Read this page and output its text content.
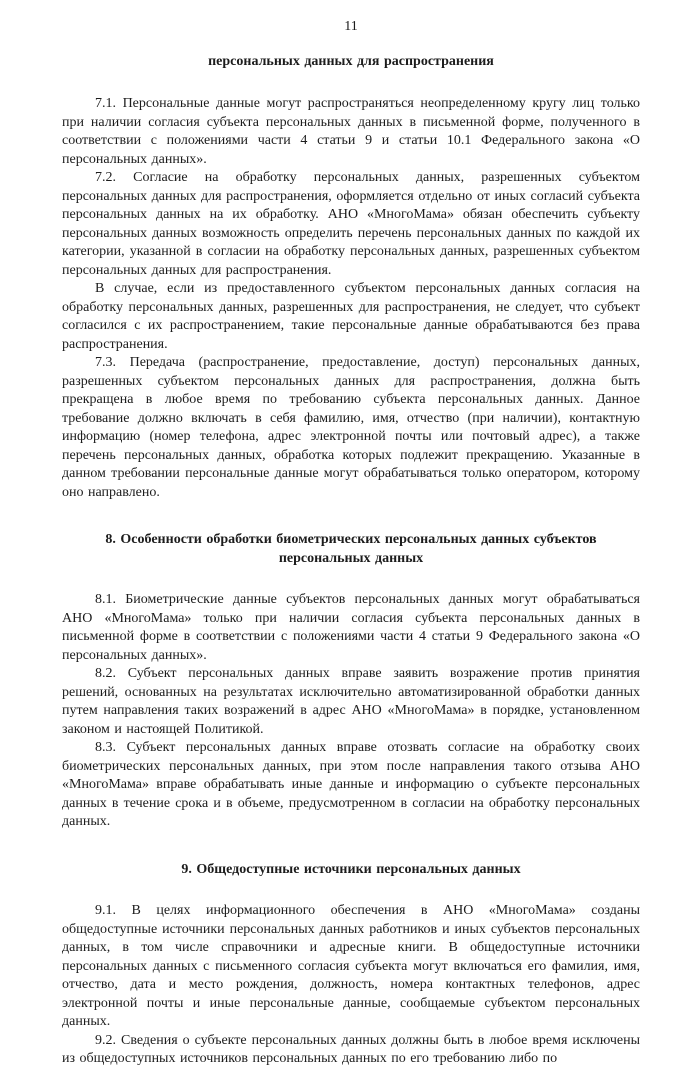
11
персональных данных для распространения

7.1. Персональные данные могут распространяться неопределенному кругу лиц только при наличии согласия субъекта персональных данных в письменной форме, полученного в соответствии с положениями части 4 статьи 9 и статьи 10.1 Федерального закона «О персональных данных».

7.2. Согласие на обработку персональных данных, разрешенных субъектом персональных данных для распространения, оформляется отдельно от иных согласий субъекта персональных данных на их обработку. АНО «МногоМама» обязан обеспечить субъекту персональных данных возможность определить перечень персональных данных по каждой их категории, указанной в согласии на обработку персональных данных, разрешенных субъектом персональных данных для распространения.

В случае, если из предоставленного субъектом персональных данных согласия на обработку персональных данных, разрешенных для распространения, не следует, что субъект согласился с их распространением, такие персональные данные обрабатываются без права распространения.

7.3. Передача (распространение, предоставление, доступ) персональных данных, разрешенных субъектом персональных данных для распространения, должна быть прекращена в любое время по требованию субъекта персональных данных. Данное требование должно включать в себя фамилию, имя, отчество (при наличии), контактную информацию (номер телефона, адрес электронной почты или почтовый адрес), а также перечень персональных данных, обработка которых подлежит прекращению. Указанные в данном требовании персональные данные могут обрабатываться только оператором, которому оно направлено.

8. Особенности обработки биометрических персональных данных субъектов персональных данных

8.1. Биометрические данные субъектов персональных данных могут обрабатываться АНО «МногоМама» только при наличии согласия субъекта персональных данных в письменной форме в соответствии с положениями части 4 статьи 9 Федерального закона «О персональных данных».

8.2. Субъект персональных данных вправе заявить возражение против принятия решений, основанных на результатах исключительно автоматизированной обработки данных путем направления таких возражений в адрес АНО «МногоМама» в порядке, установленном законом и настоящей Политикой.

8.3. Субъект персональных данных вправе отозвать согласие на обработку своих биометрических персональных данных, при этом после направления такого отзыва АНО «МногоМама» вправе обрабатывать иные данные и информацию о субъекте персональных данных в течение срока и в объеме, предусмотренном в согласии на обработку персональных данных.

9. Общедоступные источники персональных данных

9.1. В целях информационного обеспечения в АНО «МногоМама» созданы общедоступные источники персональных данных работников и иных субъектов персональных данных, в том числе справочники и адресные книги. В общедоступные источники персональных данных с письменного согласия субъекта могут включаться его фамилия, имя, отчество, дата и место рождения, должность, номера контактных телефонов, адрес электронной почты и иные персональные данные, сообщаемые субъектом персональных данных.

9.2. Сведения о субъекте персональных данных должны быть в любое время исключены из общедоступных источников персональных данных по его требованию либо по
